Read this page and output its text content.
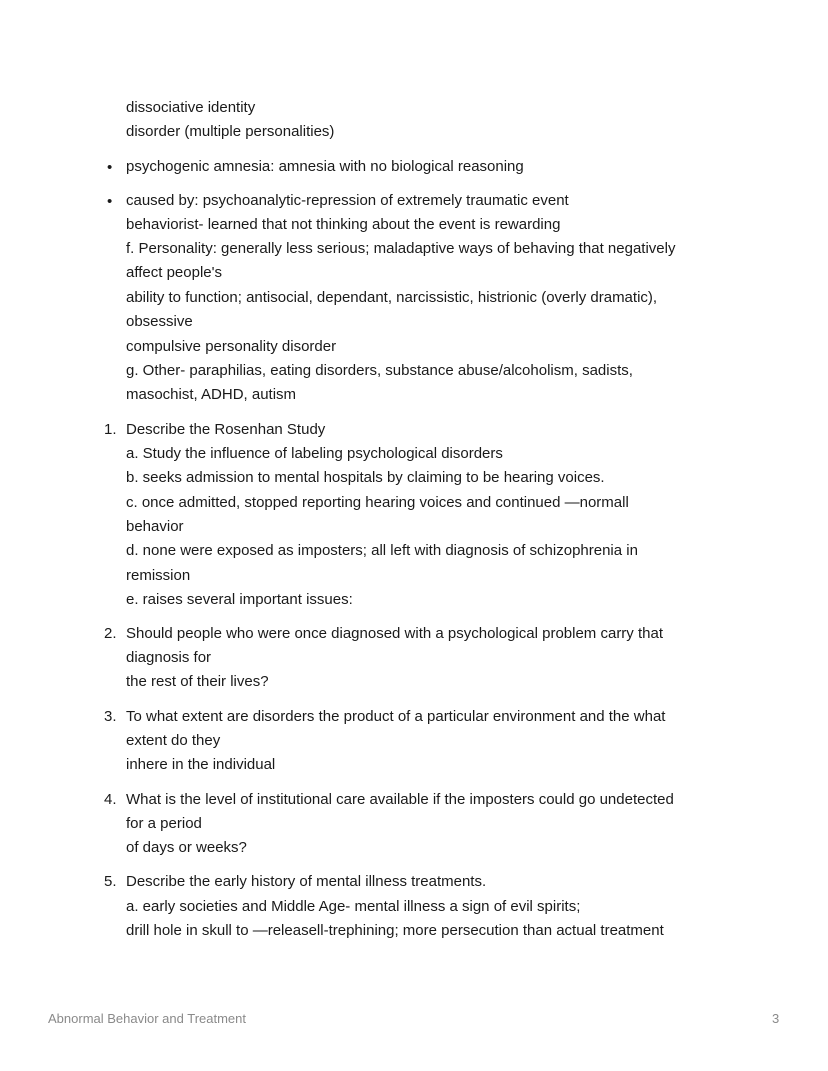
dissociative identity
disorder (multiple personalities)
• psychogenic amnesia: amnesia with no biological reasoning
• caused by: psychoanalytic-repression of extremely traumatic event
behaviorist- learned that not thinking about the event is rewarding
f. Personality: generally less serious; maladaptive ways of behaving that negatively
affect people's
ability to function; antisocial, dependant, narcissistic, histrionic (overly dramatic),
obsessive
compulsive personality disorder
g. Other- paraphilias, eating disorders, substance abuse/alcoholism, sadists,
masochist, ADHD, autism
1. Describe the Rosenhan Study
a. Study the influence of labeling psychological disorders
b. seeks admission to mental hospitals by claiming to be hearing voices.
c. once admitted, stopped reporting hearing voices and continued —normall
behavior
d. none were exposed as imposters; all left with diagnosis of schizophrenia in
remission
e. raises several important issues:
2. Should people who were once diagnosed with a psychological problem carry that
diagnosis for
the rest of their lives?
3. To what extent are disorders the product of a particular environment and the what
extent do they
inhere in the individual
4. What is the level of institutional care available if the imposters could go undetected
for a period
of days or weeks?
5. Describe the early history of mental illness treatments.
a. early societies and Middle Age- mental illness a sign of evil spirits;
drill hole in skull to —releasell-trephining; more persecution than actual treatment
Abnormal Behavior and Treatment	3
